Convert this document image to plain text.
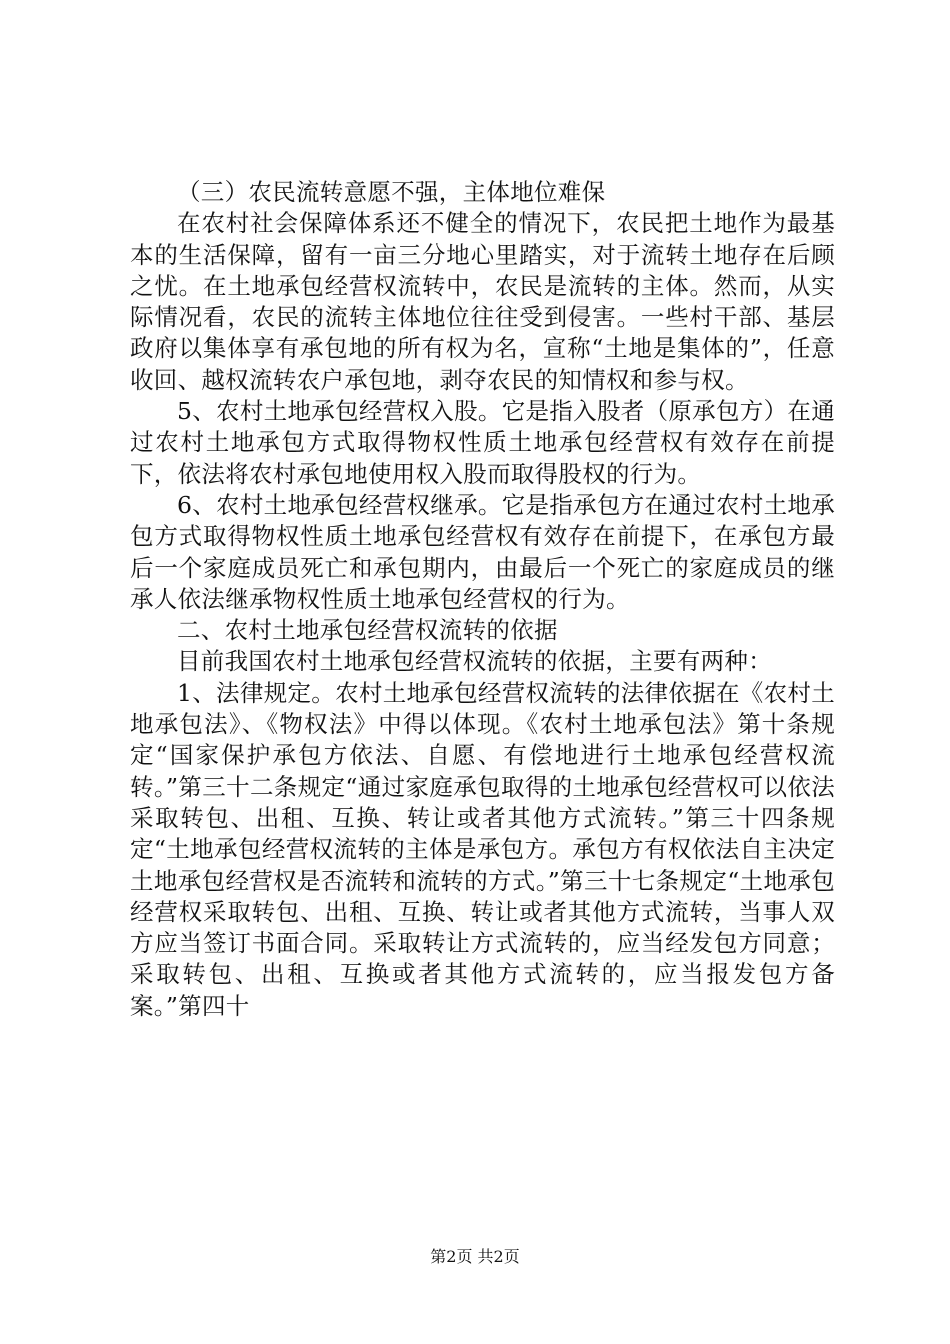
（三）农民流转意愿不强，主体地位难保

在农村社会保障体系还不健全的情况下，农民把土地作为最基本的生活保障，留有一亩三分地心里踏实，对于流转土地存在后顾之忧。在土地承包经营权流转中，农民是流转的主体。然而，从实际情况看，农民的流转主体地位往往受到侵害。一些村干部、基层政府以集体享有承包地的所有权为名，宣称“土地是集体的”，任意收回、越权流转农户承包地，剥夺农民的知情权和参与权。

5、农村土地承包经营权入股。它是指入股者（原承包方）在通过农村土地承包方式取得物权性质土地承包经营权有效存在前提下，依法将农村承包地使用权入股而取得股权的行为。

6、农村土地承包经营权继承。它是指承包方在通过农村土地承包方式取得物权性质土地承包经营权有效存在前提下，在承包方最后一个家庭成员死亡和承包期内，由最后一个死亡的家庭成员的继承人依法继承物权性质土地承包经营权的行为。

二、农村土地承包经营权流转的依据

目前我国农村土地承包经营权流转的依据，主要有两种：

1、法律规定。农村土地承包经营权流转的法律依据在《农村土地承包法》、《物权法》中得以体现。《农村土地承包法》第十条规定“国家保护承包方依法、自愿、有偿地进行土地承包经营权流转。”第三十二条规定“通过家庭承包取得的土地承包经营权可以依法采取转包、出租、互换、转让或者其他方式流转。”第三十四条规定“土地承包经营权流转的主体是承包方。承包方有权依法自主决定土地承包经营权是否流转和流转的方式。”第三十七条规定“土地承包经营权采取转包、出租、互换、转让或者其他方式流转，当事人双方应当签订书面合同。采取转让方式流转的，应当经发包方同意；采取转包、出租、互换或者其他方式流转的，应当报发包方备案。”第四十

第2页 共2页
